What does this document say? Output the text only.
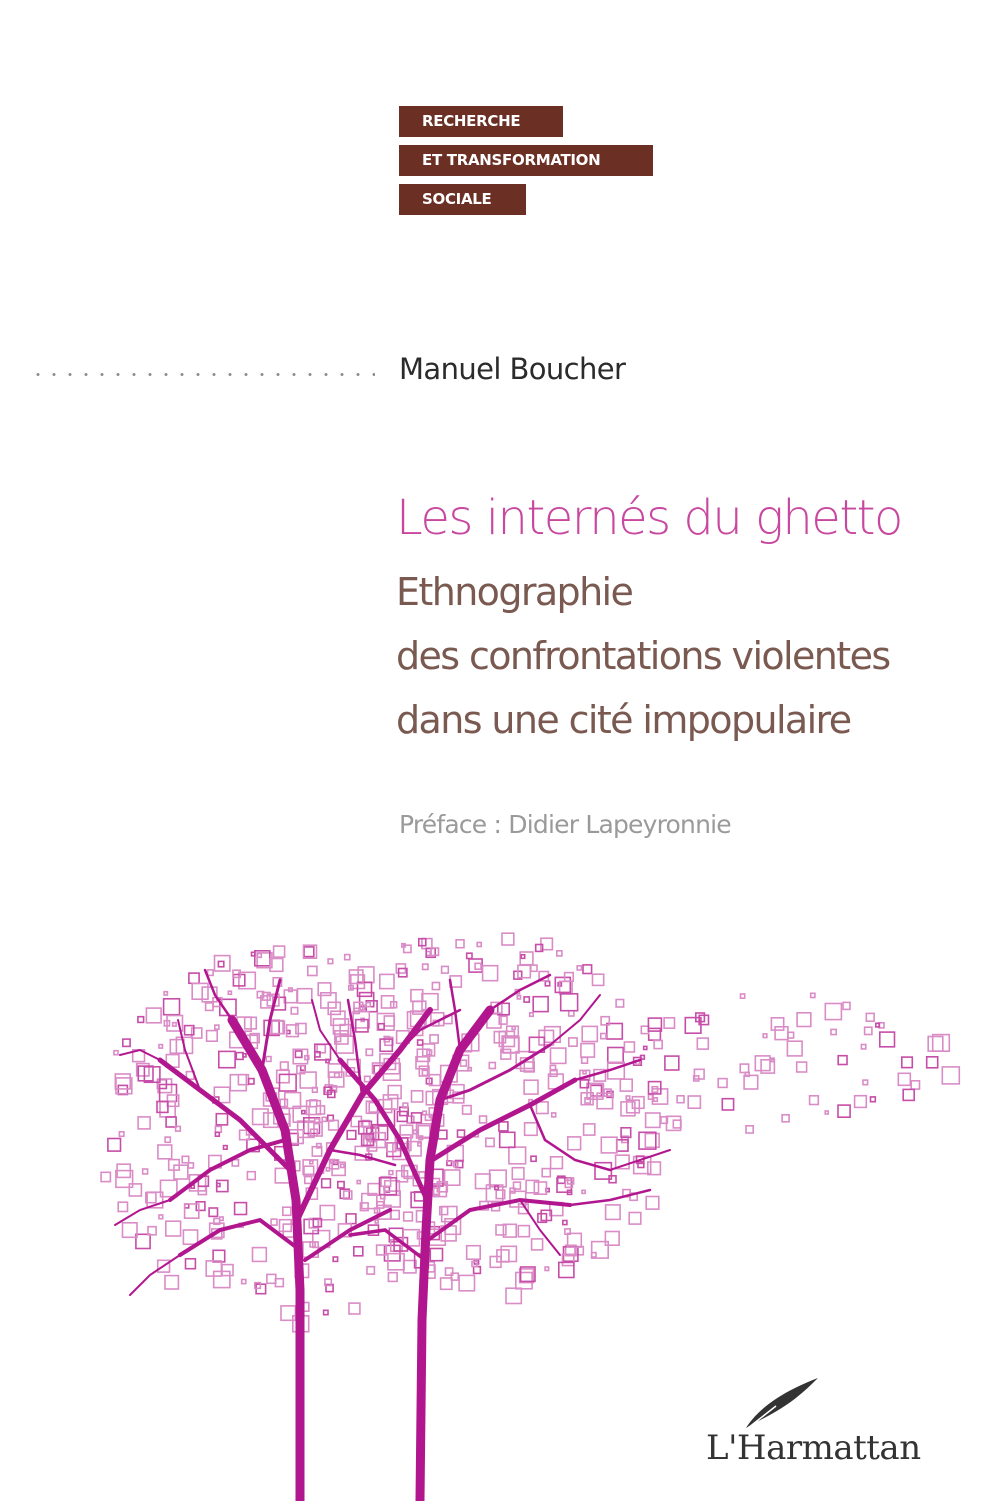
RECHERCHE
ET TRANSFORMATION
SOCIALE
Manuel Boucher
Les internés du ghetto
Ethnographie
des confrontations violentes
dans une cité impopulaire
Préface : Didier Lapeyronnie
L'Harmattan
